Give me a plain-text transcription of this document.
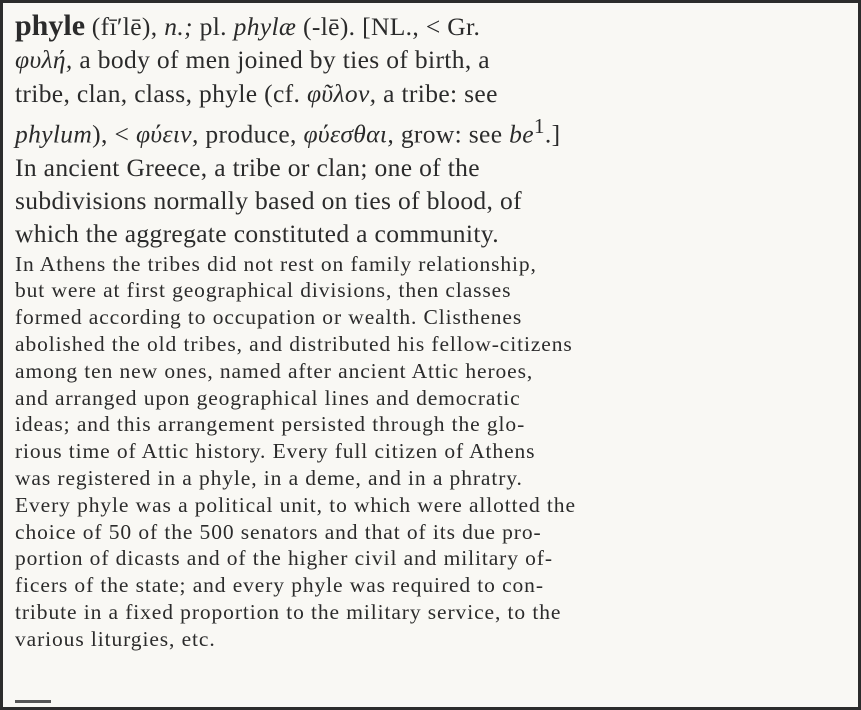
phyle (fī′lē), n.; pl. phylæ (-lē). [NL., < Gr.
φυλή, a body of men joined by ties of birth, a
tribe, clan, class, phyle (cf. φῦλον, a tribe: see
phylum), < φύειν, produce, φύεσθαι, grow: see $be^1$.]
In ancient Greece, a tribe or clan; one of the
subdivisions normally based on ties of blood, of
which the aggregate constituted a community.
In Athens the tribes did not rest on family relationship,
but were at first geographical divisions, then classes
formed according to occupation or wealth. Clisthenes
abolished the old tribes, and distributed his fellow-citizens
among ten new ones, named after ancient Attic heroes,
and arranged upon geographical lines and democratic
ideas; and this arrangement persisted through the glo-
rious time of Attic history. Every full citizen of Athens
was registered in a phyle, in a deme, and in a phratry.
Every phyle was a political unit, to which were allotted the
choice of 50 of the 500 senators and that of its due pro-
portion of dicasts and of the higher civil and military of-
ficers of the state; and every phyle was required to con-
tribute in a fixed proportion to the military service, to the
various liturgies, etc.
